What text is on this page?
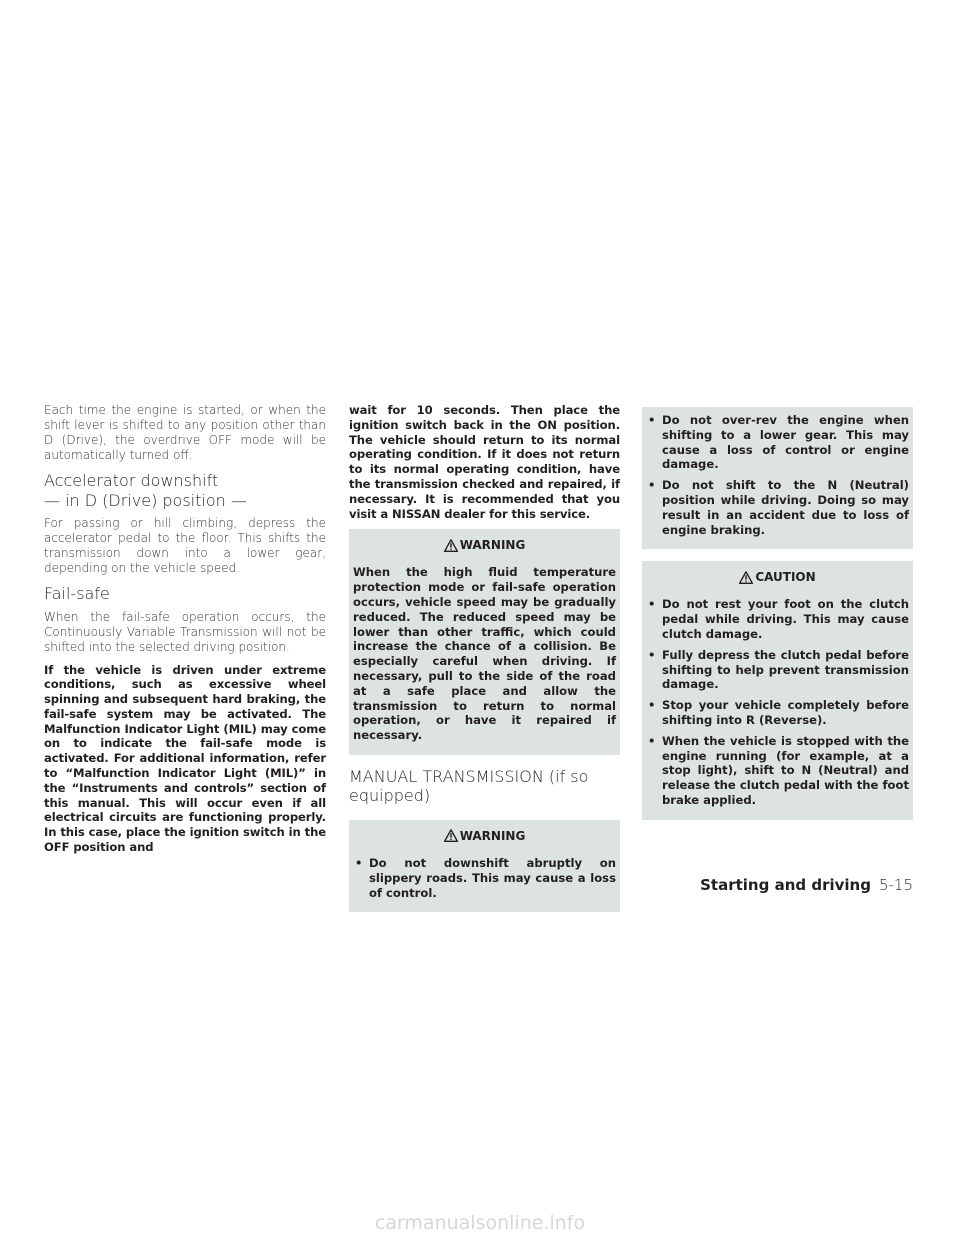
Each time the engine is started, or when the shift lever is shifted to any position other than D (Drive), the overdrive OFF mode will be automatically turned off.

Accelerator downshift
— in D (Drive) position —

For passing or hill climbing, depress the accelerator pedal to the floor. This shifts the transmission down into a lower gear, depending on the vehicle speed.

Fail-safe

When the fail-safe operation occurs, the Continuously Variable Transmission will not be shifted into the selected driving position.

If the vehicle is driven under extreme conditions, such as excessive wheel spinning and subsequent hard braking, the fail-safe system may be activated. The Malfunction Indicator Light (MIL) may come on to indicate the fail-safe mode is activated. For additional information, refer to “Malfunction Indicator Light (MIL)” in the “Instruments and controls” section of this manual. This will occur even if all electrical circuits are functioning properly. In this case, place the ignition switch in the OFF position and

wait for 10 seconds. Then place the ignition switch back in the ON position. The vehicle should return to its normal operating condition. If it does not return to its normal operating condition, have the transmission checked and repaired, if necessary. It is recommended that you visit a NISSAN dealer for this service.

WARNING

When the high fluid temperature protection mode or fail-safe operation occurs, vehicle speed may be gradually reduced. The reduced speed may be lower than other traffic, which could increase the chance of a collision. Be especially careful when driving. If necessary, pull to the side of the road at a safe place and allow the transmission to return to normal operation, or have it repaired if necessary.

MANUAL TRANSMISSION (if so
equipped)
WARNING
• Do not downshift abruptly on slippery roads. This may cause a loss of control.
• Do not over-rev the engine when shifting to a lower gear. This may cause a loss of control or engine damage.
• Do not shift to the N (Neutral) position while driving. Doing so may result in an accident due to loss of engine braking.
CAUTION
• Do not rest your foot on the clutch pedal while driving. This may cause clutch damage.
• Fully depress the clutch pedal before shifting to help prevent transmission damage.
• Stop your vehicle completely before shifting into R (Reverse).
• When the vehicle is stopped with the engine running (for example, at a stop light), shift to N (Neutral) and release the clutch pedal with the foot brake applied.
Starting and driving 5-15
carmanualsonline.info
